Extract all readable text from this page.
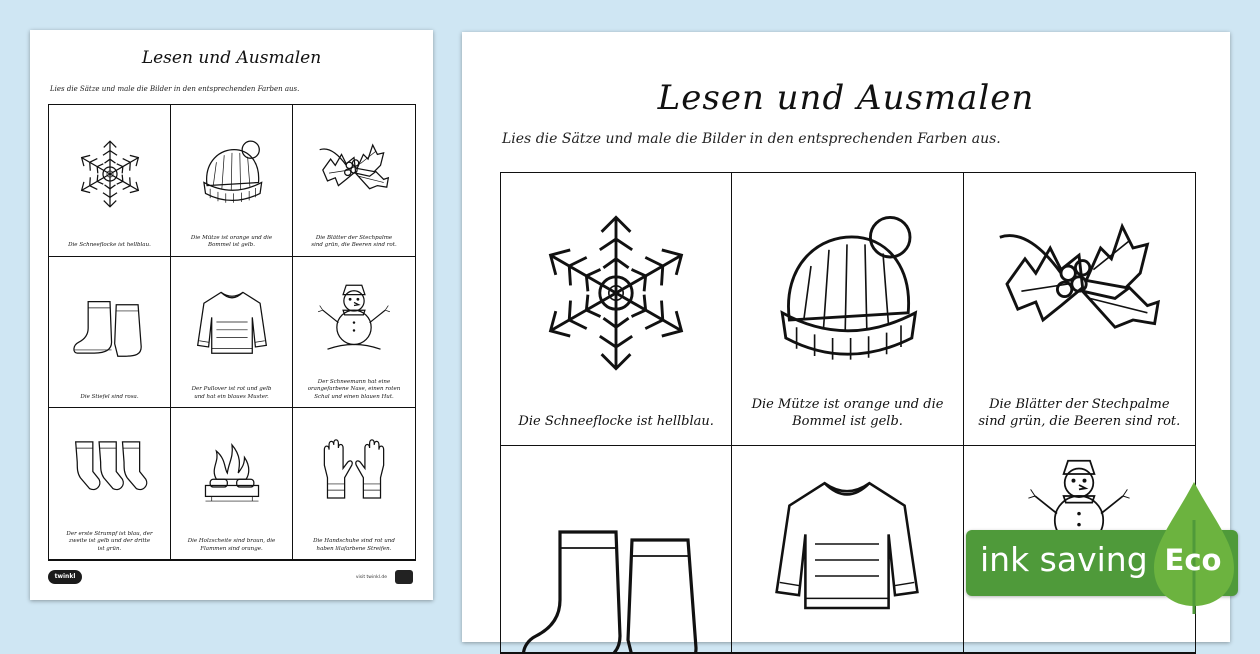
Lesen und Ausmalen
Lies die Sätze und male die Bilder in den entsprechenden Farben aus.
Die Schneeflocke ist hellblau.
Die Mütze ist orange und die
Bommel ist gelb.
Die Blätter der Stechpalme
sind grün, die Beeren sind rot.
Die Stiefel sind rosa.
Der Pullover ist rot und gelb
und hat ein blaues Muster.
Der Schneemann hat eine
orangefarbene Nase, einen roten
Schal und einen blauen Hut.
Der erste Strumpf ist blau, der
zweite ist gelb und der dritte
ist grün.
Die Holzscheite sind braun, die
Flammen sind orange.
Die Handschuhe sind rot und
haben lilafarbene Streifen.
twinkl	visit twinkl.de
Lesen und Ausmalen
Lies die Sätze und male die Bilder in den entsprechenden Farben aus.
Die Schneeflocke ist hellblau.
Die Mütze ist orange und die
Bommel ist gelb.
Die Blätter der Stechpalme
sind grün, die Beeren sind rot.
ink saving Eco
